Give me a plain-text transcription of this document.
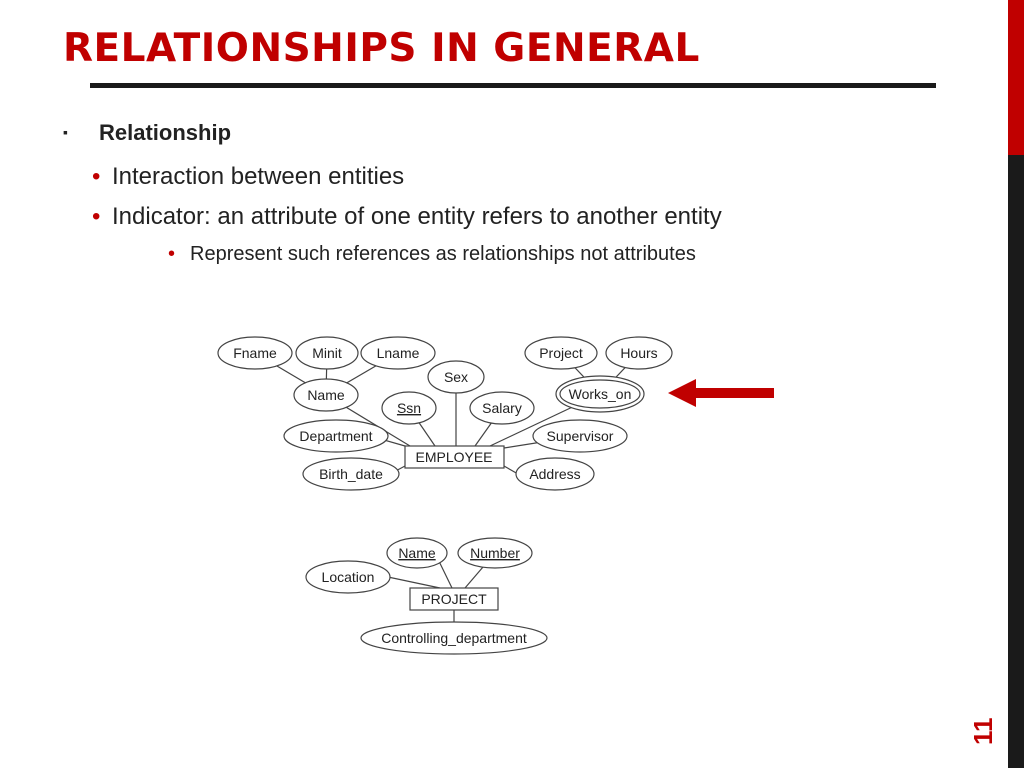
RELATIONSHIPS IN GENERAL
▪ Relationship
• Interaction between entities
• Indicator: an attribute of one entity refers to another entity
• Represent such references as relationships not attributes
Fname	Minit Lname
Name
Sex
Ssn	Salary
Project	Hours
Works_on
Department	Supervisor
Birth_date	Address
EMPLOYEE
Name Number
Location
PROJECT
Controlling_department
11
